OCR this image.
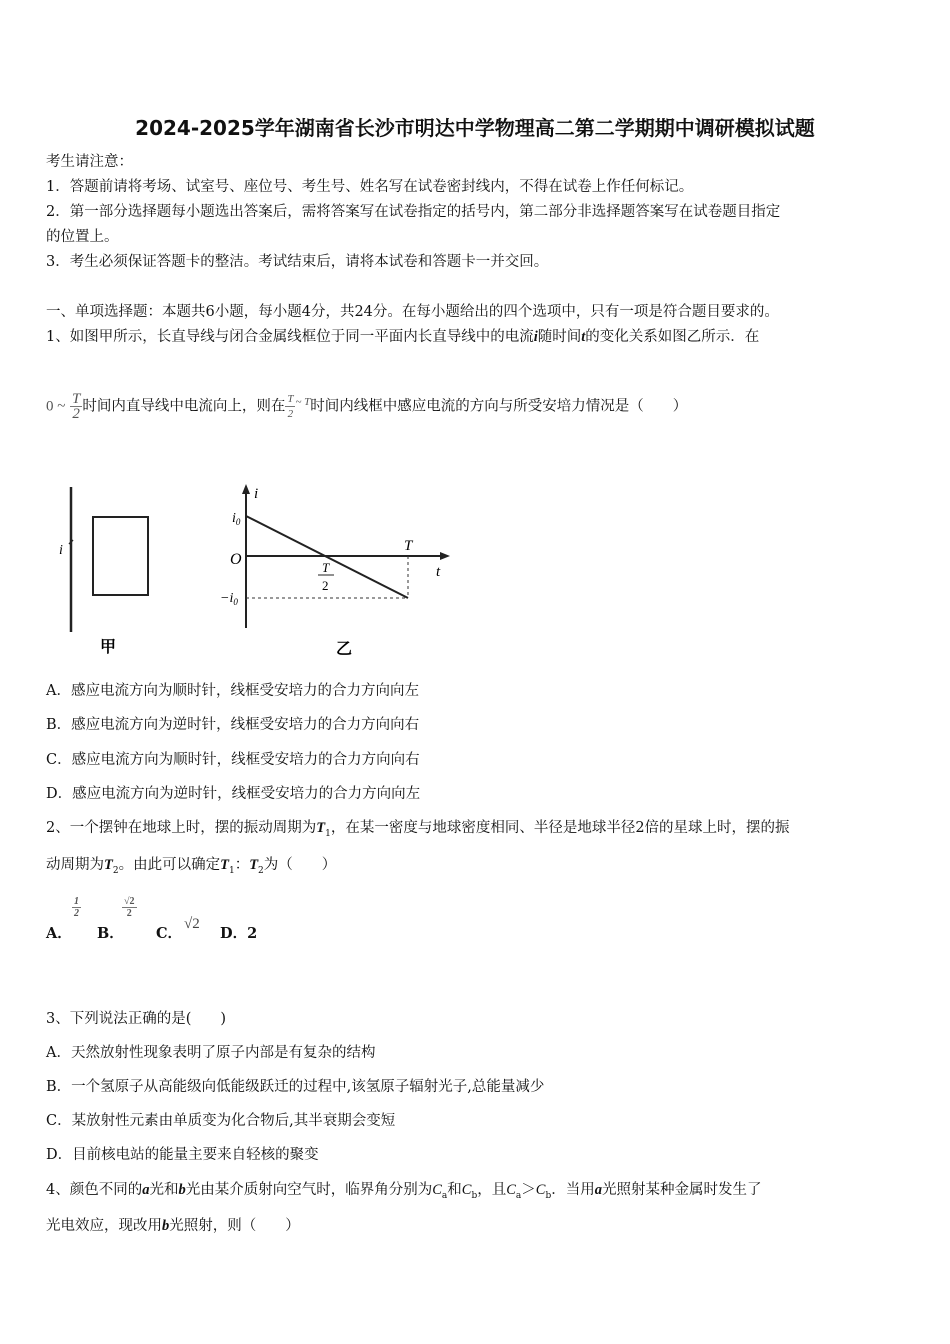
2024-2025学年湖南省长沙市明达中学物理高二第二学期期中调研模拟试题
考生请注意：
1．答题前请将考场、试室号、座位号、考生号、姓名写在试卷密封线内，不得在试卷上作任何标记。
2．第一部分选择题每小题选出答案后，需将答案写在试卷指定的括号内，第二部分非选择题答案写在试卷题目指定
的位置上。
3．考生必须保证答题卡的整洁。考试结束后，请将本试卷和答题卡一并交回。
一、单项选择题：本题共6小题，每小题4分，共24分。在每小题给出的四个选项中，只有一项是符合题目要求的。
1、如图甲所示，长直导线与闭合金属线框位于同一平面内长直导线中的电流i随时间t的变化关系如图乙所示．在
0 ~ $\frac{T}{2}$ 时间内直导线中电流向上，则在 $\frac{T}{2} ^{\sim T}$时间内线框中感应电流的方向与所受安培力情况是（　　）
i
甲
i
t
O
$i_0$
$-i_0$
T
T
2
乙
A．感应电流方向为顺时针，线框受安培力的合力方向向左
B．感应电流方向为逆时针，线框受安培力的合力方向向右
C．感应电流方向为顺时针，线框受安培力的合力方向向右
D．感应电流方向为逆时针，线框受安培力的合力方向向左
2、一个摆钟在地球上时，摆的振动周期为$T_1$，在某一密度与地球密度相同、半径是地球半径2倍的星球上时，摆的振
动周期为$T_2$。由此可以确定$T_1$：$T_2$为（　　）
A．
$\frac{1}{2}$
B．
$\frac{√2}{2}$
C．
√2
D．2
3、下列说法正确的是(　　)
A．天然放射性现象表明了原子内部是有复杂的结构
B．一个氢原子从高能级向低能级跃迁的过程中,该氢原子辐射光子,总能量减少
C．某放射性元素由单质变为化合物后,其半衰期会变短
D．目前核电站的能量主要来自轻核的聚变
4、颜色不同的a光和b光由某介质射向空气时，临界角分别为$C_a$和$C_b$，且$C_a>C_b$．当用a光照射某种金属时发生了
光电效应，现改用b光照射，则（　　）
